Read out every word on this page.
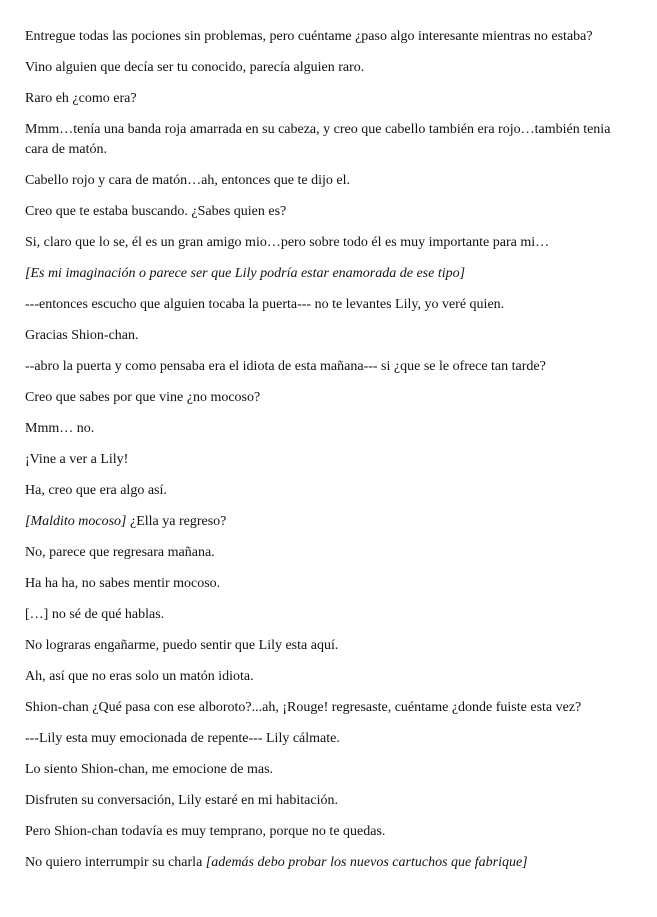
Entregue todas las pociones sin problemas, pero cuéntame ¿paso algo interesante mientras no estaba?

Vino alguien que decía ser tu conocido, parecía alguien raro.

Raro eh ¿como era?

Mmm…tenía una banda roja amarrada en su cabeza, y creo que cabello también era rojo…también tenia cara de matón.

Cabello rojo y cara de matón…ah, entonces que te dijo el.

Creo que te estaba buscando. ¿Sabes quien es?

Si, claro que lo se, él es un gran amigo mio…pero sobre todo él es muy importante para mi…

[Es mi imaginación o parece ser que Lily podría estar enamorada de ese tipo]

---entonces escucho que alguien tocaba la puerta--- no te levantes Lily, yo veré quien.

Gracias Shion-chan.

--abro la puerta y como pensaba era el idiota de esta mañana--- si ¿que se le ofrece tan tarde?

Creo que sabes por que vine ¿no mocoso?

Mmm… no.

¡Vine a ver a Lily!

Ha, creo que era algo así.

[Maldito mocoso] ¿Ella ya regreso?

No, parece que regresara mañana.

Ha ha ha, no sabes mentir mocoso.

[…] no sé de qué hablas.

No lograras engañarme, puedo sentir que Lily esta aquí.

Ah, así que no eras solo un matón idiota.

Shion-chan ¿Qué pasa con ese alboroto?...ah, ¡Rouge! regresaste, cuéntame ¿donde fuiste esta vez?

---Lily esta muy emocionada de repente--- Lily cálmate.

Lo siento Shion-chan, me emocione de mas.

Disfruten su conversación, Lily estaré en mi habitación.

Pero Shion-chan todavía es muy temprano, porque no te quedas.

No quiero interrumpir su charla [además debo probar los nuevos cartuchos que fabrique]
